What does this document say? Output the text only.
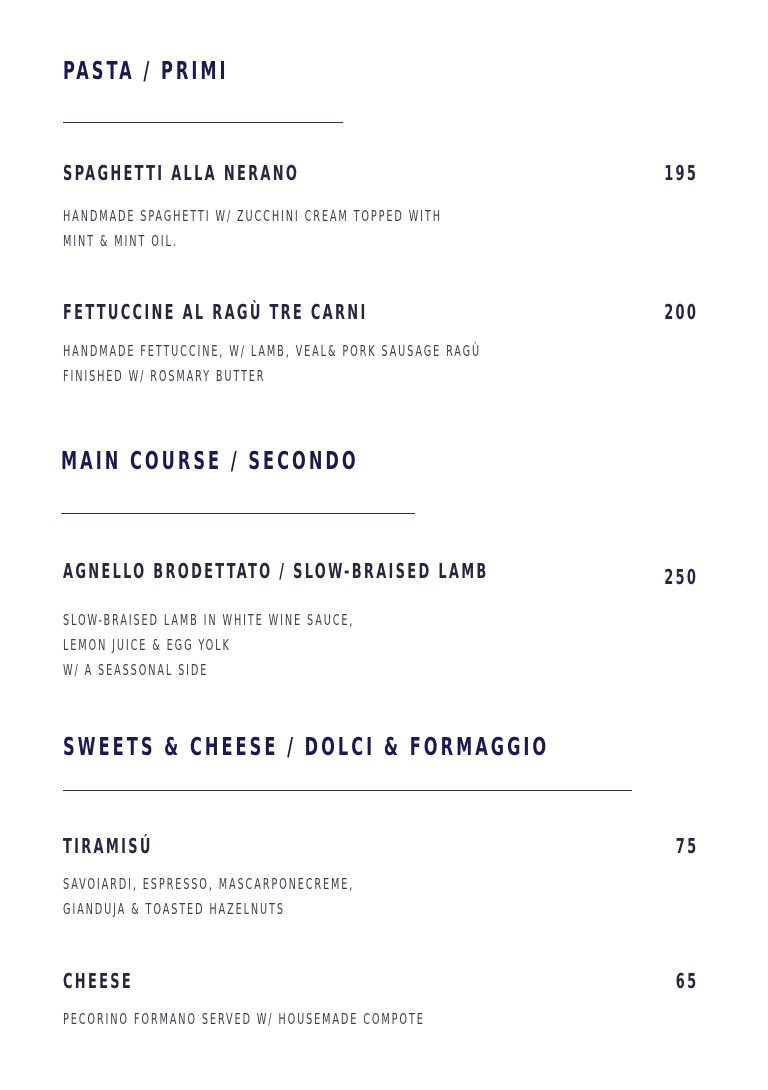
PASTA / PRIMI
SPAGHETTI ALLA NERANO	195
HANDMADE SPAGHETTI W/ ZUCCHINI CREAM TOPPED WITH
MINT & MINT OIL.
FETTUCCINE AL RAGÙ TRE CARNI	200
HANDMADE FETTUCCINE, W/ LAMB, VEAL& PORK SAUSAGE RAGÙ
FINISHED W/ ROSMARY BUTTER
MAIN COURSE / SECONDO
AGNELLO BRODETTATO / SLOW-BRAISED LAMB	250
SLOW-BRAISED LAMB IN WHITE WINE SAUCE,
LEMON JUICE & EGG YOLK
W/ A SEASSONAL SIDE
SWEETS & CHEESE / DOLCI & FORMAGGIO
TIRAMISÚ	75
SAVOIARDI, ESPRESSO, MASCARPONECREME,
GIANDUJA & TOASTED HAZELNUTS
CHEESE	65
PECORINO FORMANO SERVED W/ HOUSEMADE COMPOTE
